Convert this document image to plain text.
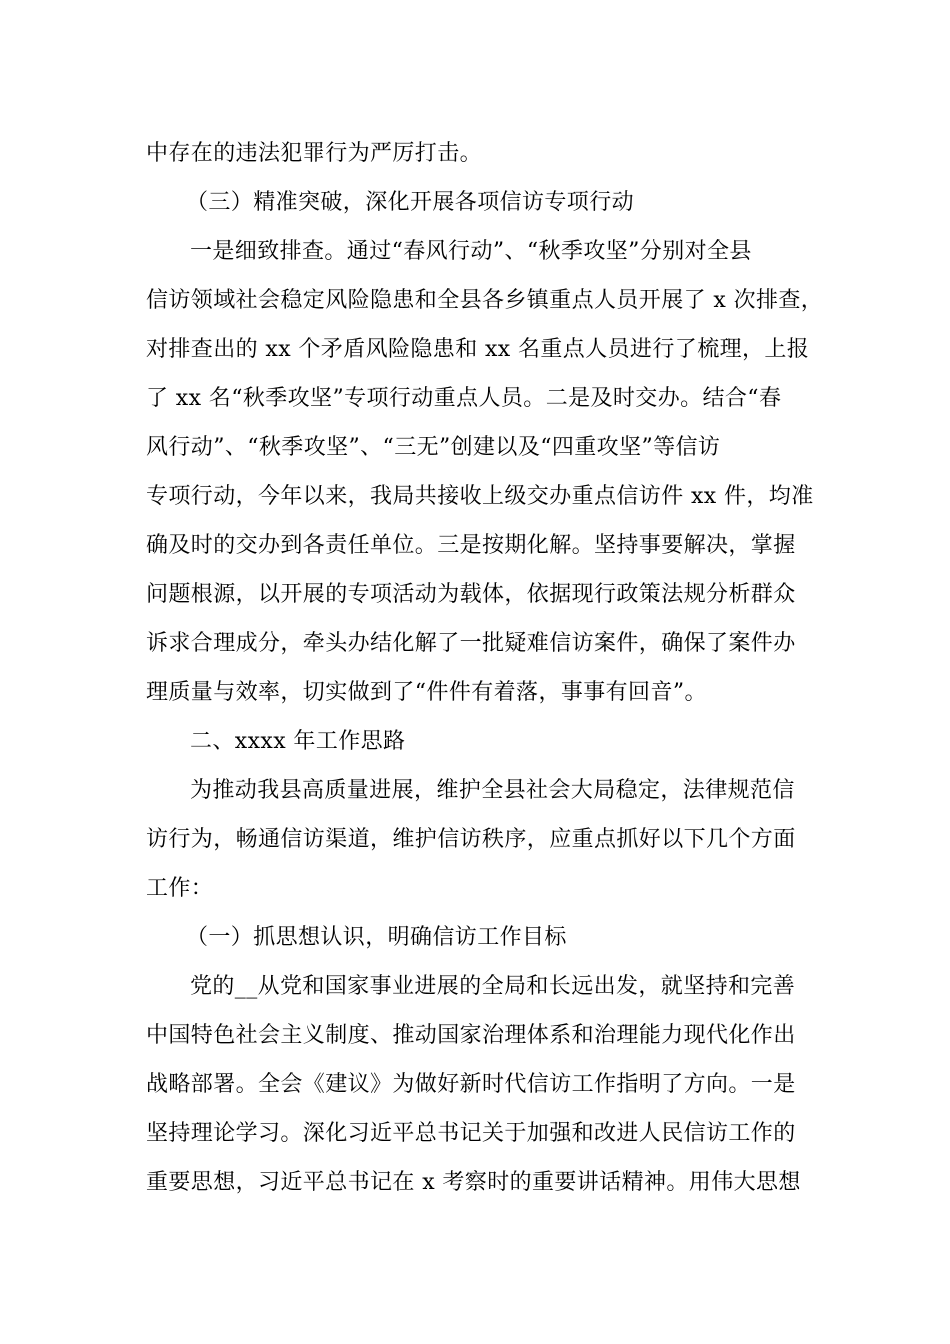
中存在的违法犯罪行为严厉打击。
（三）精准突破，深化开展各项信访专项行动
一是细致排查。通过“春风行动”、“秋季攻坚”分别对全县
信访领域社会稳定风险隐患和全县各乡镇重点人员开展了 x 次排查，
对排查出的 xx 个矛盾风险隐患和 xx 名重点人员进行了梳理，上报
了 xx 名“秋季攻坚”专项行动重点人员。二是及时交办。结合“春
风行动”、“秋季攻坚”、“三无”创建以及“四重攻坚”等信访
专项行动，今年以来，我局共接收上级交办重点信访件 xx 件，均准
确及时的交办到各责任单位。三是按期化解。坚持事要解决，掌握
问题根源，以开展的专项活动为载体，依据现行政策法规分析群众
诉求合理成分，牵头办结化解了一批疑难信访案件，确保了案件办
理质量与效率，切实做到了“件件有着落，事事有回音”。
二、xxxx 年工作思路
为推动我县高质量进展，维护全县社会大局稳定，法律规范信
访行为，畅通信访渠道，维护信访秩序，应重点抓好以下几个方面
工作：
（一）抓思想认识，明确信访工作目标
党的__从党和国家事业进展的全局和长远出发，就坚持和完善
中国特色社会主义制度、推动国家治理体系和治理能力现代化作出
战略部署。全会《建议》为做好新时代信访工作指明了方向。一是
坚持理论学习。深化习近平总书记关于加强和改进人民信访工作的
重要思想，习近平总书记在 x 考察时的重要讲话精神。用伟大思想
